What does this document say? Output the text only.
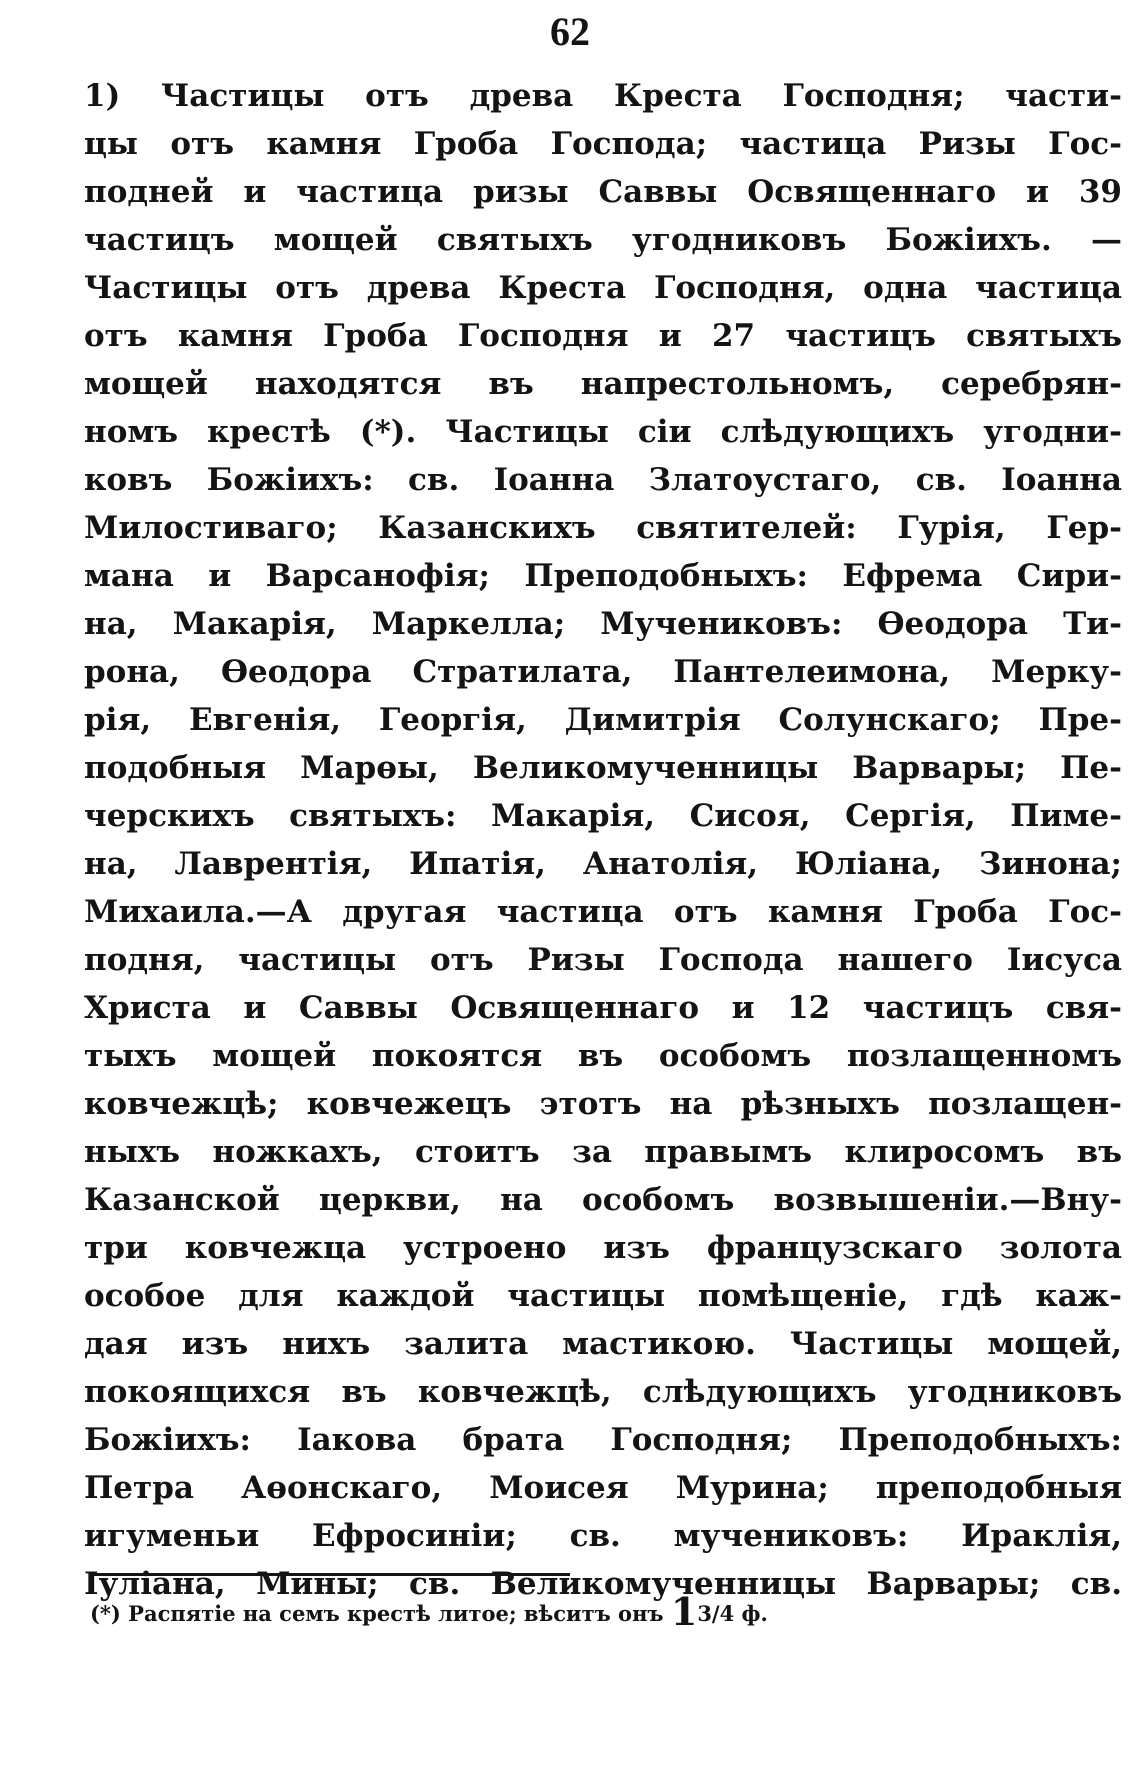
62
1) Частицы отъ древа Креста Господня; части-
цы отъ камня Гроба Господа; частица Ризы Гос-
подней и частица ризы Саввы Освященнаго и 39
частицъ мощей святыхъ угодниковъ Божіихъ. —
Частицы отъ древа Креста Господня, одна частица
отъ камня Гроба Господня и 27 частицъ святыхъ
мощей находятся въ напрестольномъ, серебрян-
номъ крестѣ (*). Частицы сіи слѣдующихъ угодни-
ковъ Божіихъ: св. Іоанна Златоустаго, св. Іоанна
Милостиваго; Казанскихъ святителей: Гурія, Гер-
мана и Варсанофія; Преподобныхъ: Ефрема Сири-
на, Макарія, Маркелла; Мучениковъ: Өеодора Ти-
рона, Өеодора Стратилата, Пантелеимона, Мерку-
рія, Евгенія, Георгія, Димитрія Солунскаго; Пре-
подобныя Марөы, Великомученницы Варвары; Пе-
черскихъ святыхъ: Макарія, Сисоя, Сергія, Пиме-
на, Лаврентія, Ипатія, Анатолія, Юліана, Зинона;
Михаила.—А другая частица отъ камня Гроба Гос-
подня, частицы отъ Ризы Господа нашего Іисуса
Христа и Саввы Освященнаго и 12 частицъ свя-
тыхъ мощей покоятся въ особомъ позлащенномъ
ковчежцѣ; ковчежецъ этотъ на рѣзныхъ позлащен-
ныхъ ножкахъ, стоитъ за правымъ клиросомъ въ
Казанской церкви, на особомъ возвышеніи.—Вну-
три ковчежца устроено изъ французскаго золота
особое для каждой частицы помѣщеніе, гдѣ каж-
дая изъ нихъ залита мастикою. Частицы мощей,
покоящихся въ ковчежцѣ, слѣдующихъ угодниковъ
Божіихъ: Іакова брата Господня; Преподобныхъ:
Петра Аөонскаго, Моисея Мурина; преподобныя
игуменьи Ефросиніи; св. мучениковъ: Ираклія,
Іуліана, Мины; св. Великомученницы Варвары; св.
(*) Распятіе на семъ крестѣ литое; вѣситъ онъ 13/4 ф.
